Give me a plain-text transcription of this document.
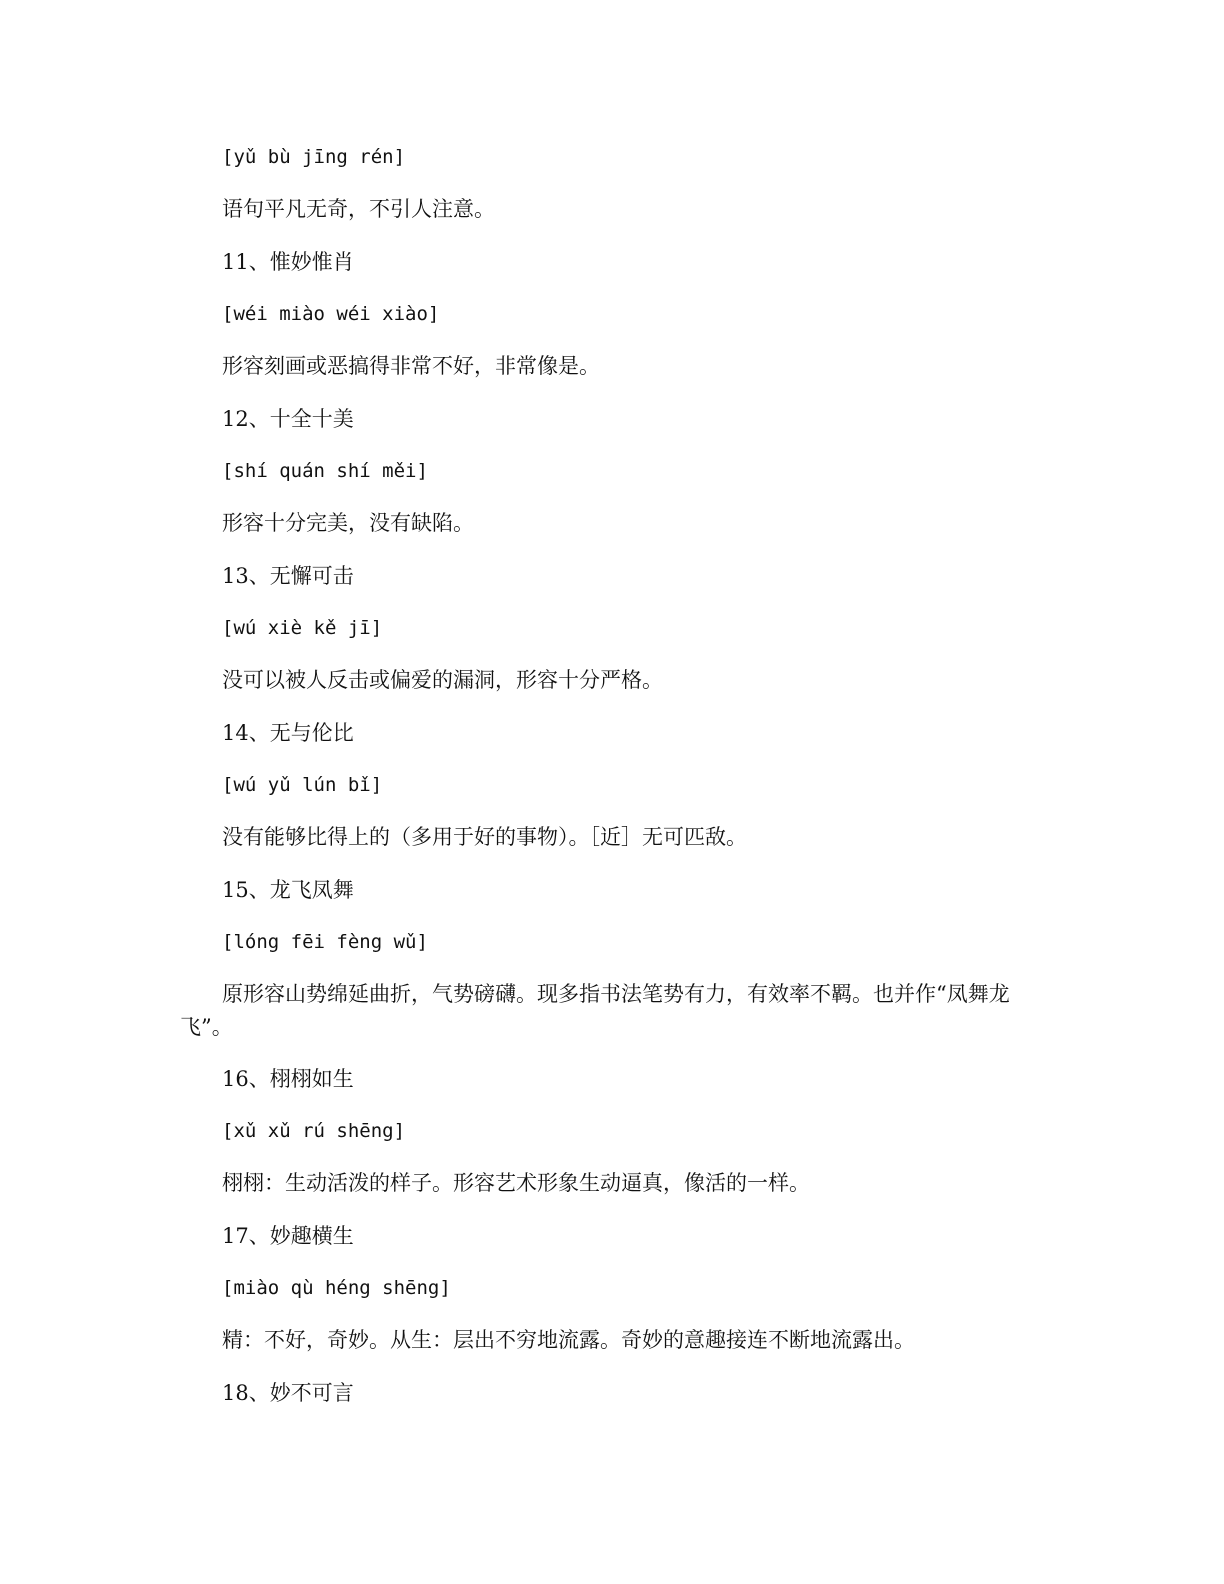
[yǔ bù jīng rén]
语句平凡无奇，不引人注意。
11、惟妙惟肖
[wéi miào wéi xiào]
形容刻画或恶搞得非常不好，非常像是。
12、十全十美
[shí quán shí měi]
形容十分完美，没有缺陷。
13、无懈可击
[wú xiè kě jī]
没可以被人反击或偏爱的漏洞，形容十分严格。
14、无与伦比
[wú yǔ lún bǐ]
没有能够比得上的（多用于好的事物）。［近］无可匹敌。
15、龙飞凤舞
[lóng fēi fèng wǔ]
原形容山势绵延曲折，气势磅礴。现多指书法笔势有力，有效率不羁。也并作“凤舞龙飞”。
16、栩栩如生
[xǔ xǔ rú shēng]
栩栩：生动活泼的样子。形容艺术形象生动逼真，像活的一样。
17、妙趣横生
[miào qù héng shēng]
精：不好，奇妙。从生：层出不穷地流露。奇妙的意趣接连不断地流露出。
18、妙不可言
